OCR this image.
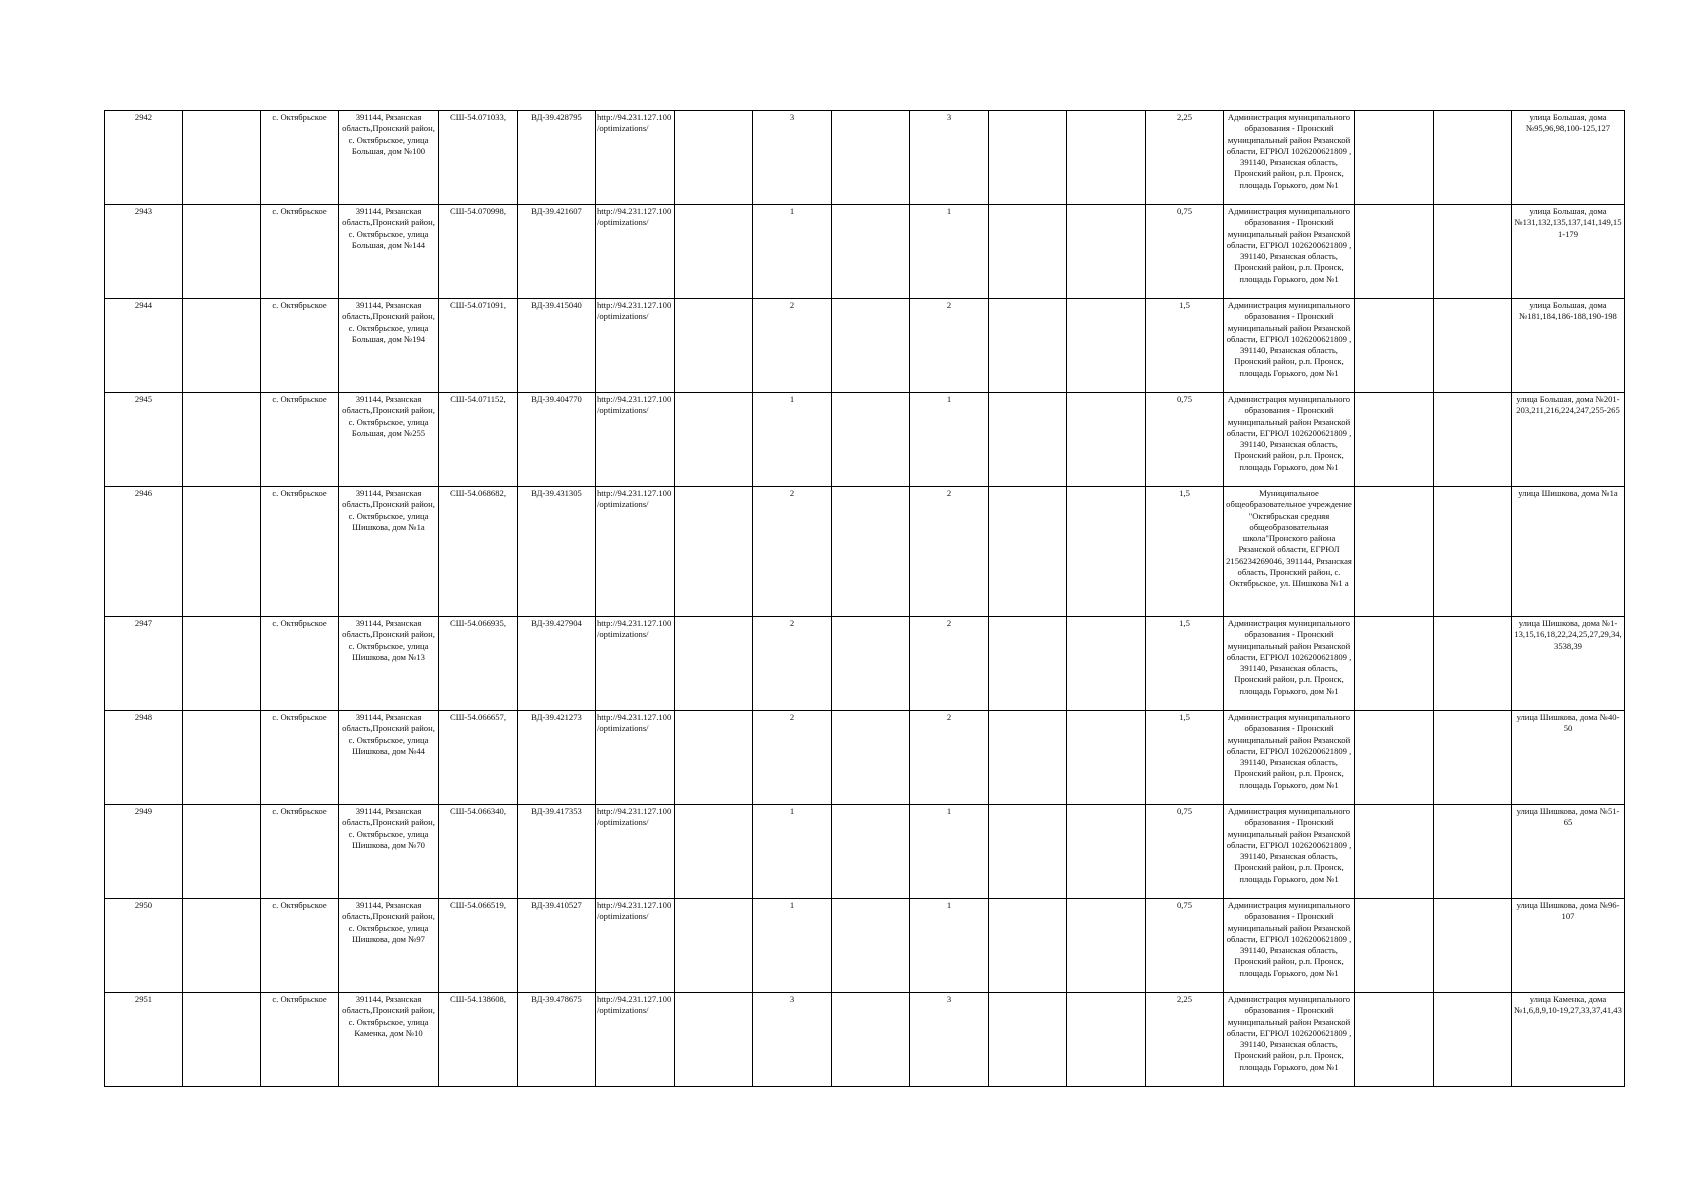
2942		с. Октябрьское	391144, Рязанская область,Пронский район, с. Октябрьское, улица Большая, дом №100	СШ-54.071033,	ВД-39.428795	http://94.231.127.100/optimizations/		3		3			2,25	Администрация муниципального образования - Пронский муниципальный район Рязанской области, ЕГРЮЛ 1026200621809 , 391140, Рязанская область, Пронский район, р.п. Пронск, площадь Горького, дом №1			улица Большая, дома №95,96,98,100-125,127
2943		с. Октябрьское	391144, Рязанская область,Пронский район, с. Октябрьское, улица Большая, дом №144	СШ-54.070998,	ВД-39.421607	http://94.231.127.100/optimizations/		1		1			0,75	Администрация муниципального образования - Пронский муниципальный район Рязанской области, ЕГРЮЛ 1026200621809 , 391140, Рязанская область, Пронский район, р.п. Пронск, площадь Горького, дом №1			улица Большая, дома №131,132,135,137,141,149,151-179
2944		с. Октябрьское	391144, Рязанская область,Пронский район, с. Октябрьское, улица Большая, дом №194	СШ-54.071091,	ВД-39.415040	http://94.231.127.100/optimizations/		2		2			1,5	Администрация муниципального образования - Пронский муниципальный район Рязанской области, ЕГРЮЛ 1026200621809 , 391140, Рязанская область, Пронский район, р.п. Пронск, площадь Горького, дом №1			улица Большая, дома №181,184,186-188,190-198
2945		с. Октябрьское	391144, Рязанская область,Пронский район, с. Октябрьское, улица Большая, дом №255	СШ-54.071152,	ВД-39.404770	http://94.231.127.100/optimizations/		1		1			0,75	Администрация муниципального образования - Пронский муниципальный район Рязанской области, ЕГРЮЛ 1026200621809 , 391140, Рязанская область, Пронский район, р.п. Пронск, площадь Горького, дом №1			улица Большая, дома №201-203,211,216,224,247,255-265
2946		с. Октябрьское	391144, Рязанская область,Пронский район, с. Октябрьское, улица Шишкова, дом №1а	СШ-54.068682,	ВД-39.431305	http://94.231.127.100/optimizations/		2		2			1,5	Муниципальное общеобразовательное учреждение "Октябрьская средняя общеобразовательная школа"Пронского района Рязанской области, ЕГРЮЛ 2156234269046, 391144, Рязанская область, Пронский район, с. Октябрьское, ул. Шишкова №1 а			улица Шишкова, дома №1а
2947		с. Октябрьское	391144, Рязанская область,Пронский район, с. Октябрьское, улица Шишкова, дом №13	СШ-54.066935,	ВД-39.427904	http://94.231.127.100/optimizations/		2		2			1,5	Администрация муниципального образования - Пронский муниципальный район Рязанской области, ЕГРЮЛ 1026200621809 , 391140, Рязанская область, Пронский район, р.п. Пронск, площадь Горького, дом №1			улица Шишкова, дома №1-13,15,16,18,22,24,25,27,29,34,3538,39
2948		с. Октябрьское	391144, Рязанская область,Пронский район, с. Октябрьское, улица Шишкова, дом №44	СШ-54.066657,	ВД-39.421273	http://94.231.127.100/optimizations/		2		2			1,5	Администрация муниципального образования - Пронский муниципальный район Рязанской области, ЕГРЮЛ 1026200621809 , 391140, Рязанская область, Пронский район, р.п. Пронск, площадь Горького, дом №1			улица Шишкова, дома №40-50
2949		с. Октябрьское	391144, Рязанская область,Пронский район, с. Октябрьское, улица Шишкова, дом №70	СШ-54.066340,	ВД-39.417353	http://94.231.127.100/optimizations/		1		1			0,75	Администрация муниципального образования - Пронский муниципальный район Рязанской области, ЕГРЮЛ 1026200621809 , 391140, Рязанская область, Пронский район, р.п. Пронск, площадь Горького, дом №1			улица Шишкова, дома №51-65
2950		с. Октябрьское	391144, Рязанская область,Пронский район, с. Октябрьское, улица Шишкова, дом №97	СШ-54.066519,	ВД-39.410527	http://94.231.127.100/optimizations/		1		1			0,75	Администрация муниципального образования - Пронский муниципальный район Рязанской области, ЕГРЮЛ 1026200621809 , 391140, Рязанская область, Пронский район, р.п. Пронск, площадь Горького, дом №1			улица Шишкова, дома №96-107
2951		с. Октябрьское	391144, Рязанская область,Пронский район, с. Октябрьское, улица Каменка, дом №10	СШ-54.138608,	ВД-39.478675	http://94.231.127.100/optimizations/		3		3			2,25	Администрация муниципального образования - Пронский муниципальный район Рязанской области, ЕГРЮЛ 1026200621809 , 391140, Рязанская область, Пронский район, р.п. Пронск, площадь Горького, дом №1			улица Каменка, дома №1,6,8,9,10-19,27,33,37,41,43
